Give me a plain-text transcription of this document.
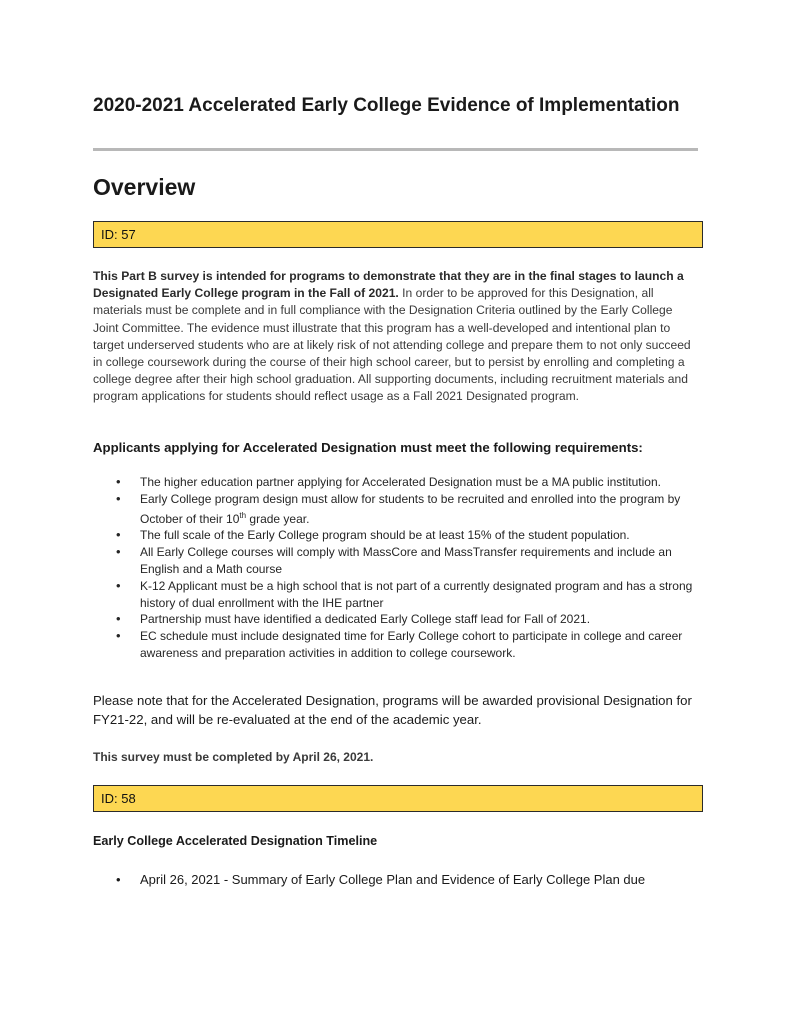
2020-2021 Accelerated Early College Evidence of Implementation
Overview
ID: 57

This Part B survey is intended for programs to demonstrate that they are in the final stages to launch a Designated Early College program in the Fall of 2021. In order to be approved for this Designation, all materials must be complete and in full compliance with the Designation Criteria outlined by the Early College Joint Committee. The evidence must illustrate that this program has a well-developed and intentional plan to target underserved students who are at likely risk of not attending college and prepare them to not only succeed in college coursework during the course of their high school career, but to persist by enrolling and completing a college degree after their high school graduation. All supporting documents, including recruitment materials and program applications for students should reflect usage as a Fall 2021 Designated program.

Applicants applying for Accelerated Designation must meet the following requirements:
• The higher education partner applying for Accelerated Designation must be a MA public institution.
• Early College program design must allow for students to be recruited and enrolled into the program by October of their 10th grade year.
• The full scale of the Early College program should be at least 15% of the student population.
• All Early College courses will comply with MassCore and MassTransfer requirements and include an English and a Math course
• K-12 Applicant must be a high school that is not part of a currently designated program and has a strong history of dual enrollment with the IHE partner
• Partnership must have identified a dedicated Early College staff lead for Fall of 2021.
• EC schedule must include designated time for Early College cohort to participate in college and career awareness and preparation activities in addition to college coursework.

Please note that for the Accelerated Designation, programs will be awarded provisional Designation for FY21-22, and will be re-evaluated at the end of the academic year.

This survey must be completed by April 26, 2021.

ID: 58
Early College Accelerated Designation Timeline
• April 26, 2021 - Summary of Early College Plan and Evidence of Early College Plan due
